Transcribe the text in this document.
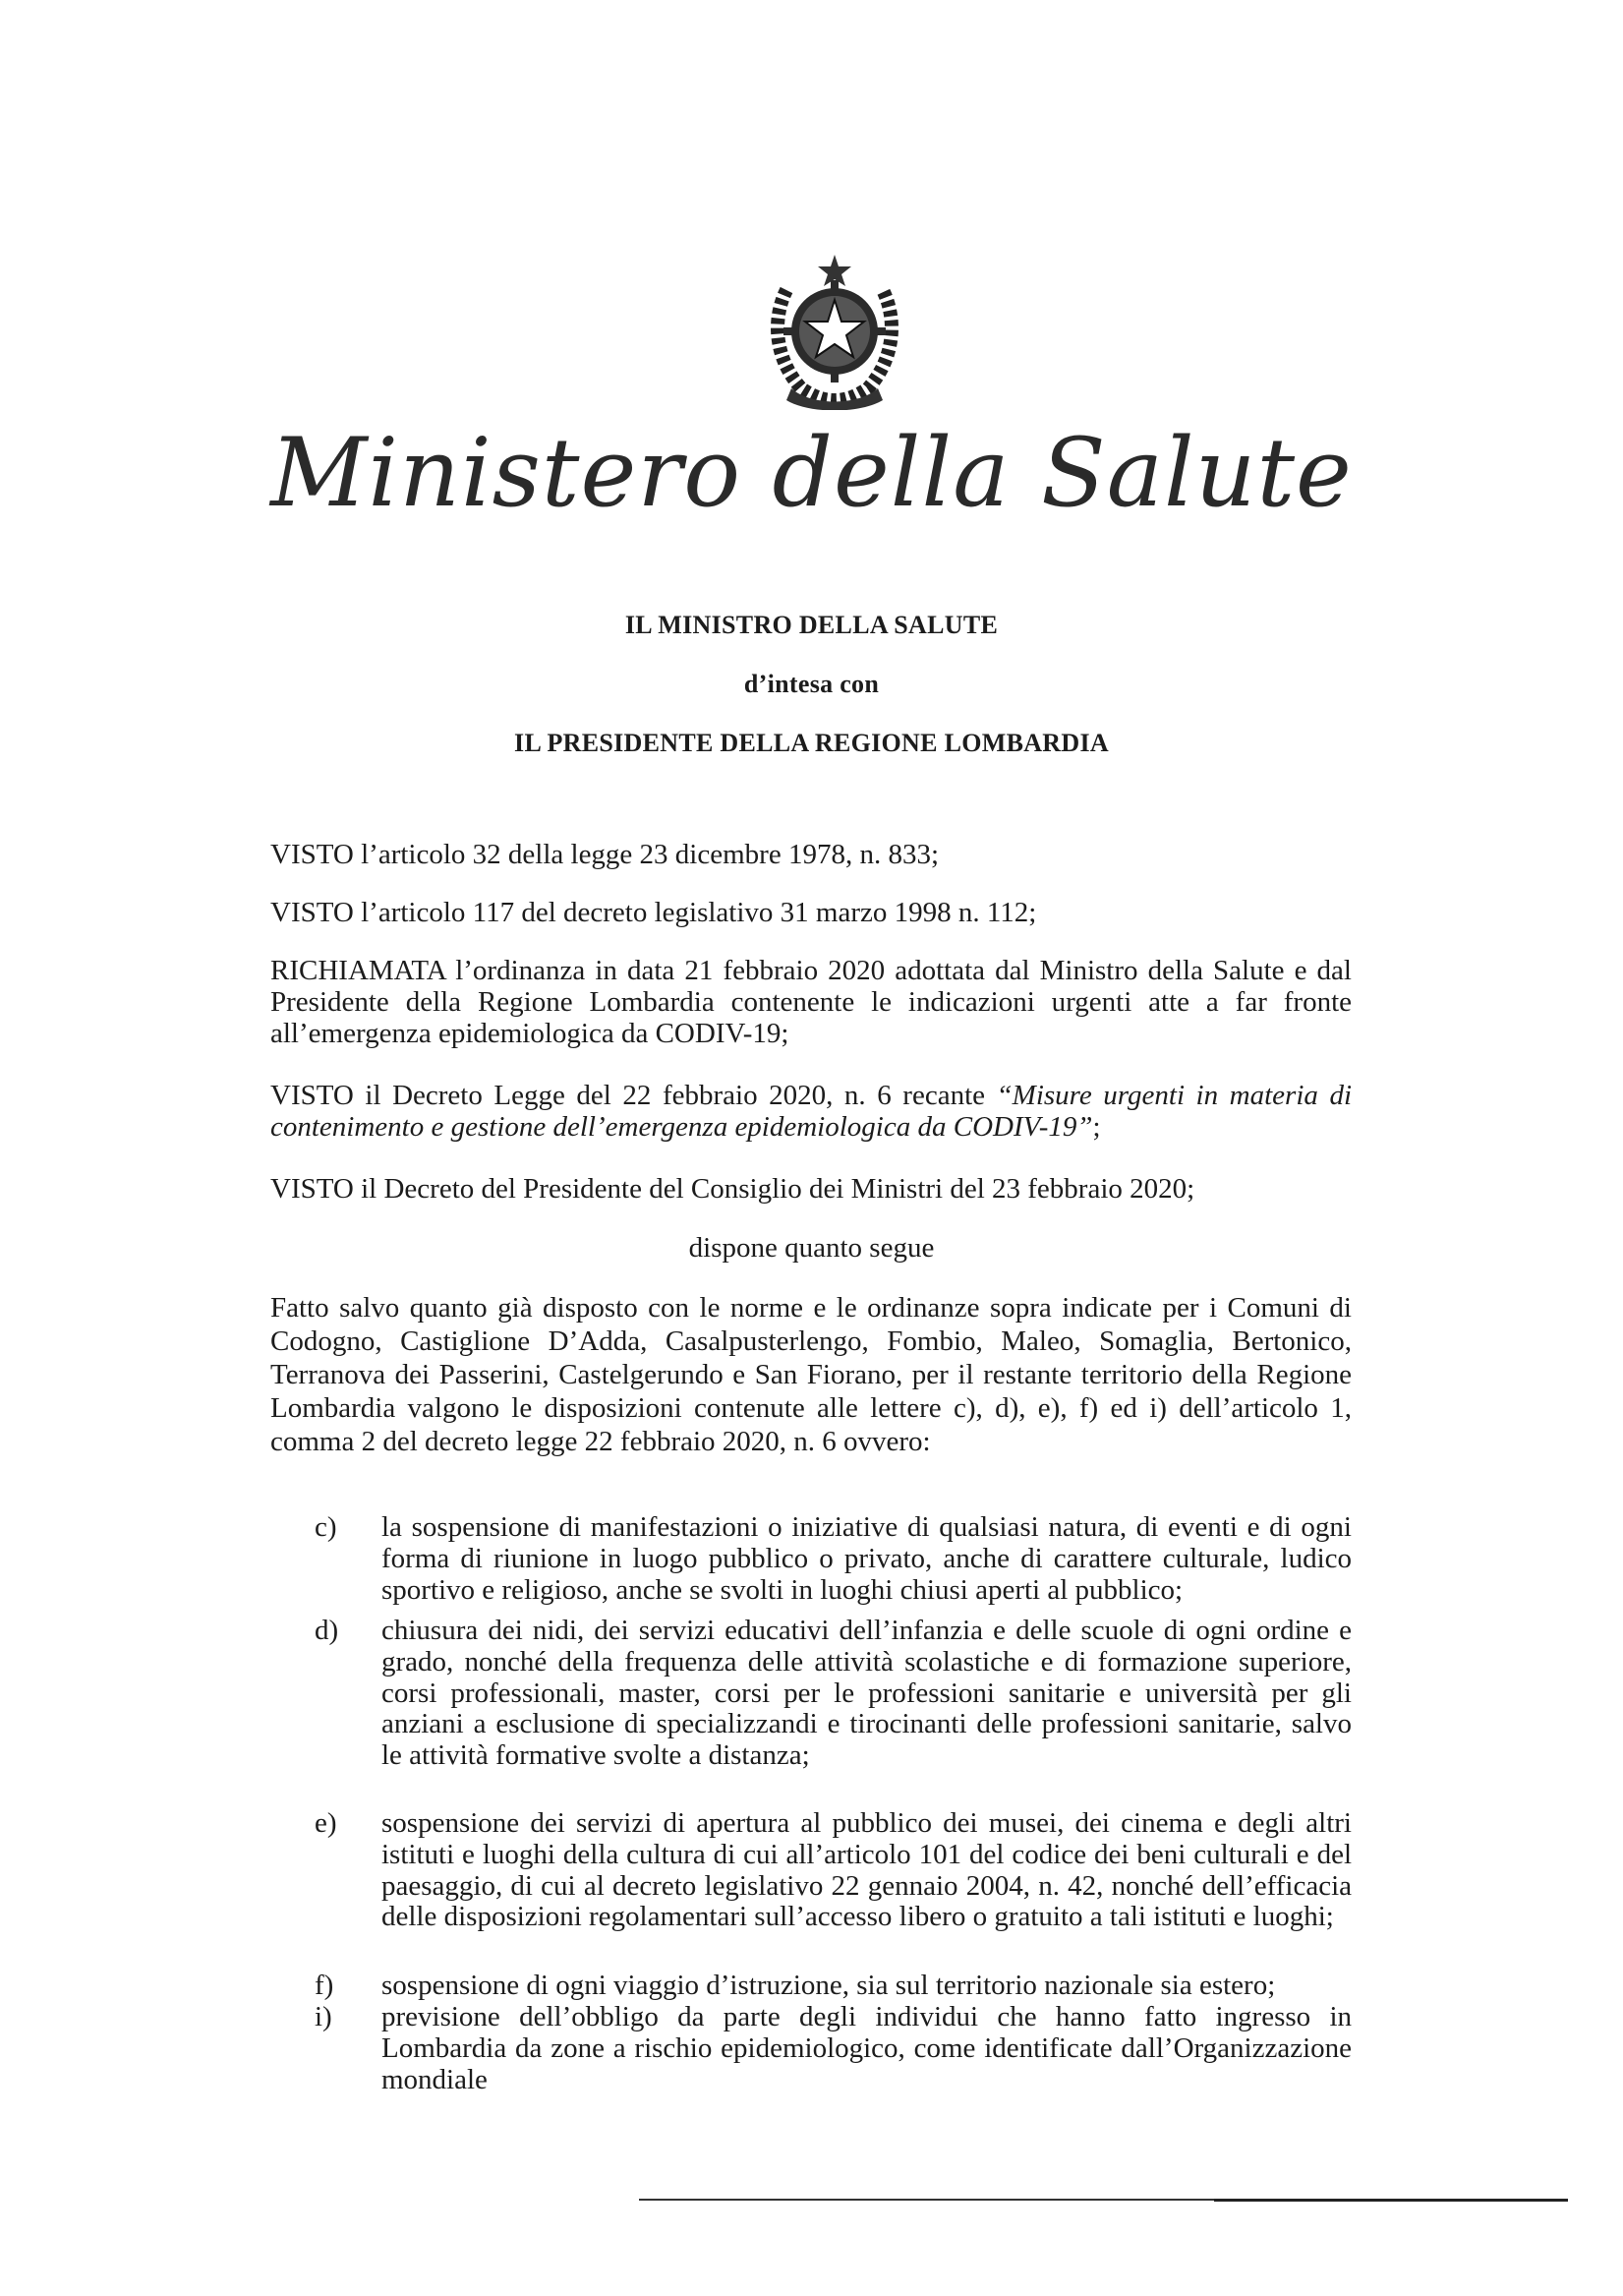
Ministero della Salute
IL MINISTRO DELLA SALUTE
d’intesa con
IL PRESIDENTE DELLA REGIONE LOMBARDIA
VISTO l’articolo 32 della legge 23 dicembre 1978, n. 833;
VISTO l’articolo 117 del decreto legislativo 31 marzo 1998 n. 112;
RICHIAMATA l’ordinanza in data 21 febbraio 2020 adottata dal Ministro della Salute e dal Presidente della Regione Lombardia contenente le indicazioni urgenti atte a far fronte all’emergenza epidemiologica da CODIV-19;
VISTO il Decreto Legge del 22 febbraio 2020, n. 6 recante “Misure urgenti in materia di contenimento e gestione dell’emergenza epidemiologica da CODIV-19”;
VISTO il Decreto del Presidente del Consiglio dei Ministri del 23 febbraio 2020;
dispone quanto segue
Fatto salvo quanto già disposto con le norme e le ordinanze sopra indicate per i Comuni di Codogno, Castiglione D’Adda, Casalpusterlengo, Fombio, Maleo, Somaglia, Bertonico, Terranova dei Passerini, Castelgerundo e San Fiorano, per il restante territorio della Regione Lombardia valgono le disposizioni contenute alle lettere c), d), e), f) ed i) dell’articolo 1, comma 2 del decreto legge 22 febbraio 2020, n. 6 ovvero:
c) la sospensione di manifestazioni o iniziative di qualsiasi natura, di eventi e di ogni forma di riunione in luogo pubblico o privato, anche di carattere culturale, ludico sportivo e religioso, anche se svolti in luoghi chiusi aperti al pubblico;
d) chiusura dei nidi, dei servizi educativi dell’infanzia e delle scuole di ogni ordine e grado, nonché della frequenza delle attività scolastiche e di formazione superiore, corsi professionali, master, corsi per le professioni sanitarie e università per gli anziani a esclusione di specializzandi e tirocinanti delle professioni sanitarie, salvo le attività formative svolte a distanza;
e) sospensione dei servizi di apertura al pubblico dei musei, dei cinema e degli altri istituti e luoghi della cultura di cui all’articolo 101 del codice dei beni culturali e del paesaggio, di cui al decreto legislativo 22 gennaio 2004, n. 42, nonché dell’efficacia delle disposizioni regolamentari sull’accesso libero o gratuito a tali istituti e luoghi;
f) sospensione di ogni viaggio d’istruzione, sia sul territorio nazionale sia estero;
i) previsione dell’obbligo da parte degli individui che hanno fatto ingresso in Lombardia da zone a rischio epidemiologico, come identificate dall’Organizzazione mondiale
